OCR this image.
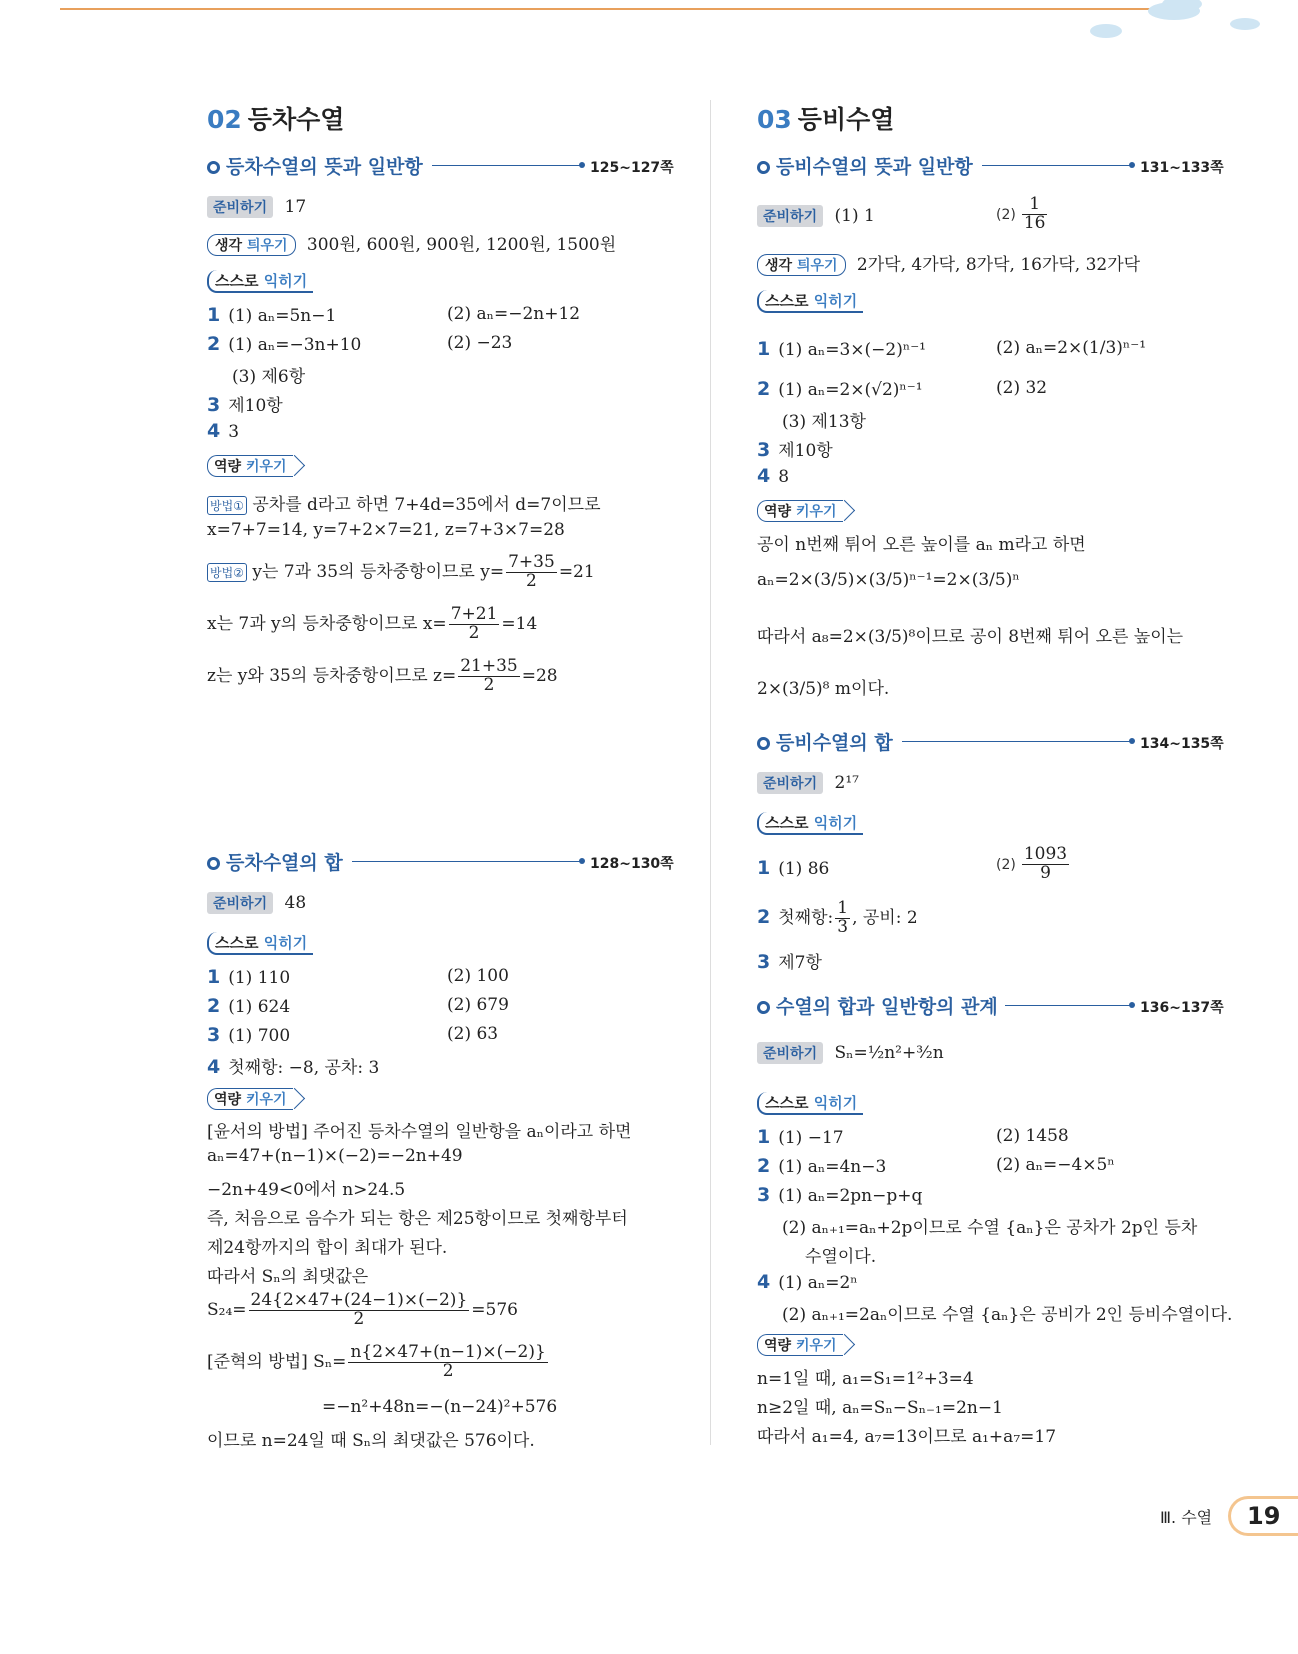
02 등차수열
등차수열의 뜻과 일반항	125~127쪽
준비하기 17
생각 틔우기 300원, 600원, 900원, 1200원, 1500원
스스로 익히기
1 (1) aₙ=5n−1	(2) aₙ=−2n+12
2 (1) aₙ=−3n+10	(2) −23
(3) 제6항
3 제10항
4 3
역량 키우기
방법① 공차를 d라고 하면 7+4d=35에서 d=7이므로
x=7+7=14, y=7+2×7=21, z=7+3×7=28
방법② y는 7과 35의 등차중항이므로 $y= \frac{7+35}{2} =21$
x는 7과 y의 등차중항이므로 $x= \frac{7+21}{2} =14$
z는 y와 35의 등차중항이므로 $z= \frac{21+35}{2} =28$
등차수열의 합	128~130쪽
준비하기 48
스스로 익히기
1 (1) 110	(2) 100
2 (1) 624	(2) 679
3 (1) 700	(2) 63
4 첫째항: −8, 공차: 3
역량 키우기
[윤서의 방법] 주어진 등차수열의 일반항을 aₙ이라고 하면
aₙ=47+(n−1)×(−2)=−2n+49
−2n+49<0에서 n>24.5
즉, 처음으로 음수가 되는 항은 제25항이므로 첫째항부터
제24항까지의 합이 최대가 된다.
따라서 Sₙ의 최댓값은
$S_{24}= \frac{24\{2\times 47+(24-1)\times(-2)\}}{2} =576$
[준혁의 방법] $S_n= \frac{n\{2\times 47+(n-1)\times(-2)\}}{2}$
=−n²+48n=−(n−24)²+576
이므로 n=24일 때 Sₙ의 최댓값은 576이다.
03 등비수열
등비수열의 뜻과 일반항	131~133쪽
준비하기 (1) 1	$(2) \frac{1}{16}$
생각 틔우기 2가닥, 4가닥, 8가닥, 16가닥, 32가닥
스스로 익히기
1 (1) aₙ=3×(−2)ⁿ⁻¹	(2) aₙ=2×(1/3)ⁿ⁻¹
2 (1) aₙ=2×(√2)ⁿ⁻¹	(2) 32
(3) 제13항
3 제10항
4 8
역량 키우기
공이 n번째 튀어 오른 높이를 aₙ m라고 하면
aₙ=2×(3/5)×(3/5)ⁿ⁻¹=2×(3/5)ⁿ
따라서 a₈=2×(3/5)⁸이므로 공이 8번째 튀어 오른 높이는
2×(3/5)⁸ m이다.
등비수열의 합	134~135쪽
준비하기 2¹⁷
스스로 익히기
1 (1) 86	$(2) \frac{1093}{9}$
2 첫째항: $\frac{1}{3}$ , 공비: 2
3 제7항
수열의 합과 일반항의 관계	136~137쪽
준비하기 Sₙ=½n²+³⁄₂n
스스로 익히기
1 (1) −17	(2) 1458
2 (1) aₙ=4n−3	(2) aₙ=−4×5ⁿ
3 (1) aₙ=2pn−p+q
(2) aₙ₊₁=aₙ+2p이므로 수열 {aₙ}은 공차가 2p인 등차
수열이다.
4 (1) aₙ=2ⁿ
(2) aₙ₊₁=2aₙ이므로 수열 {aₙ}은 공비가 2인 등비수열이다.
역량 키우기
n=1일 때, a₁=S₁=1²+3=4
n≥2일 때, aₙ=Sₙ−Sₙ₋₁=2n−1
따라서 a₁=4, a₇=13이므로 a₁+a₇=17
Ⅲ. 수열	19
